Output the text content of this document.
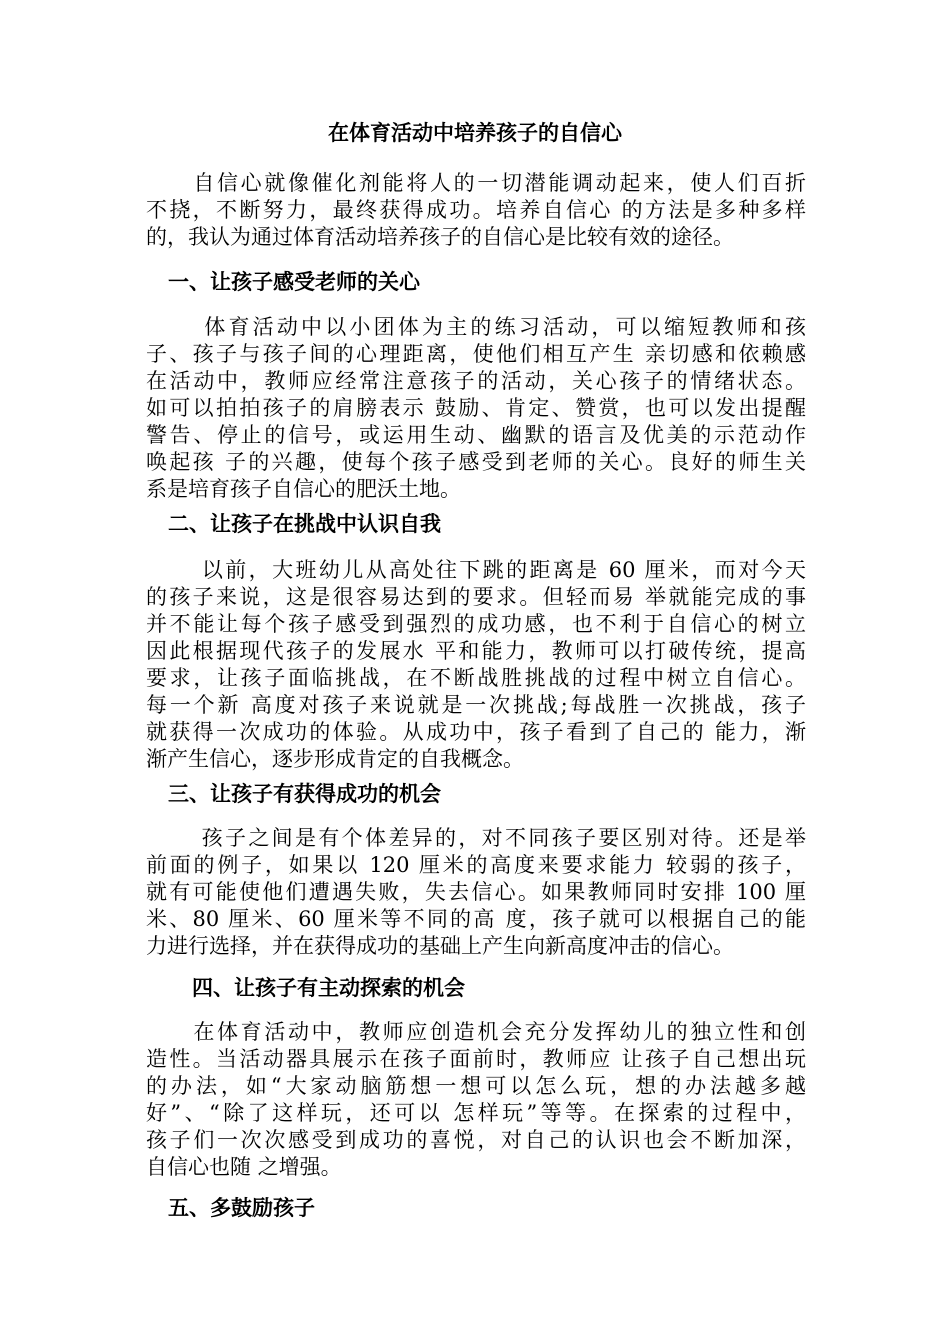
在体育活动中培养孩子的自信心

　　自信心就像催化剂能将人的一切潜能调动起来，使人们百折
不挠，不断努力，最终获得成功。培养自信心 的方法是多种多样
的，我认为通过体育活动培养孩子的自信心是比较有效的途径。

一、让孩子感受老师的关心

　　 体育活动中以小团体为主的练习活动，可以缩短教师和孩
子、孩子与孩子间的心理距离，使他们相互产生 亲切感和依赖感
在活动中，教师应经常注意孩子的活动，关心孩子的情绪状态。
如可以拍拍孩子的肩膀表示 鼓励、肯定、赞赏，也可以发出提醒
警告、停止的信号，或运用生动、幽默的语言及优美的示范动作
唤起孩 子的兴趣，使每个孩子感受到老师的关心。良好的师生关
系是培育孩子自信心的肥沃土地。

二、让孩子在挑战中认识自我

　　 以前，大班幼儿从高处往下跳的距离是 60 厘米，而对今天
的孩子来说，这是很容易达到的要求。但轻而易 举就能完成的事
并不能让每个孩子感受到强烈的成功感，也不利于自信心的树立
因此根据现代孩子的发展水 平和能力，教师可以打破传统，提高
要求，让孩子面临挑战，在不断战胜挑战的过程中树立自信心。
每一个新 高度对孩子来说就是一次挑战;每战胜一次挑战，孩子
就获得一次成功的体验。从成功中，孩子看到了自己的 能力，渐
渐产生信心，逐步形成肯定的自我概念。

三、让孩子有获得成功的机会

　　 孩子之间是有个体差异的，对不同孩子要区别对待。还是举
前面的例子，如果以 120 厘米的高度来要求能力 较弱的孩子，
就有可能使他们遭遇失败，失去信心。如果教师同时安排 100 厘
米、80 厘米、60 厘米等不同的高 度，孩子就可以根据自己的能
力进行选择，并在获得成功的基础上产生向新高度冲击的信心。

四、让孩子有主动探索的机会

　　在体育活动中，教师应创造机会充分发挥幼儿的独立性和创
造性。当活动器具展示在孩子面前时，教师应 让孩子自己想出玩
的办法，如“大家动脑筋想一想可以怎么玩，想的办法越多越
好”、“除了这样玩，还可以 怎样玩”等等。在探索的过程中，
孩子们一次次感受到成功的喜悦，对自己的认识也会不断加深，
自信心也随 之增强。

五、多鼓励孩子
